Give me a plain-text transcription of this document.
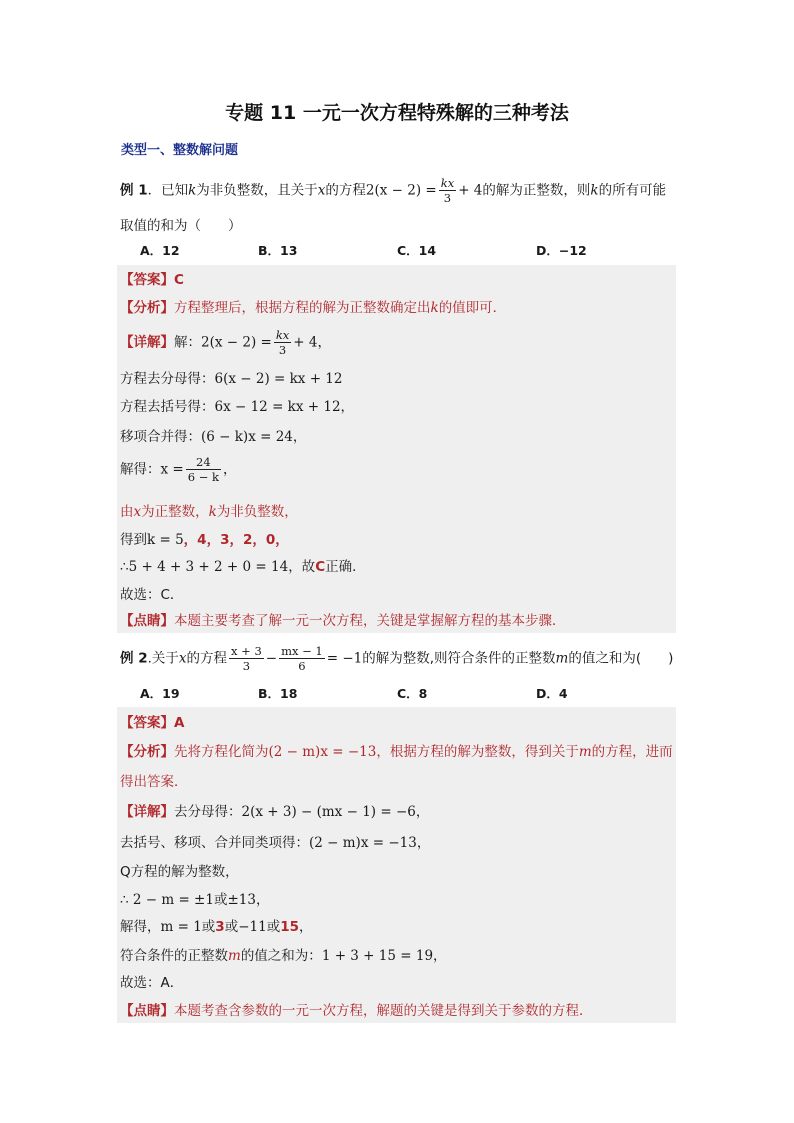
专题 11 一元一次方程特殊解的三种考法
类型一、整数解问题
例 1．已知k为非负整数，且关于x的方程$2(x - 2) = \frac{kx}{3} + 4$的解为正整数，则k的所有可能
取值的和为（　　）
A．12	B．13	C．14	D．−12
【答案】C
【分析】方程整理后，根据方程的解为正整数确定出k的值即可．
【详解】解：$2(x - 2) = \frac{kx}{3} + 4$，
方程去分母得：6(x − 2) = kx + 12
方程去括号得：6x − 12 = kx + 12，
移项合并得：(6 − k)x = 24，
解得：$x = \frac{24}{6 - k}$ ，
由x为正整数，k为非负整数，
得到k = 5，4，3，2，0，
∴5 + 4 + 3 + 2 + 0 = 14，故C正确．
故选：C．
【点睛】本题主要考查了解一元一次方程，关键是掌握解方程的基本步骤．
例 2.关于x的方程 $\frac{x + 3}{3} - \frac{mx - 1}{6} = -1$的解为整数,则符合条件的正整数m的值之和为(　　)
A．19	B．18	C．8	D．4
【答案】A
【分析】先将方程化简为(2 − m)x = −13，根据方程的解为整数，得到关于m的方程，进而
得出答案．
【详解】去分母得：2(x + 3) − (mx − 1) = −6，
去括号、移项、合并同类项得：(2 − m)x = −13，
Q方程的解为整数，
∴ 2 − m = ±1或±13，
解得，m = 1或3或−11或15，
符合条件的正整数m的值之和为：1 + 3 + 15 = 19，
故选：A．
【点睛】本题考查含参数的一元一次方程，解题的关键是得到关于参数的方程．
